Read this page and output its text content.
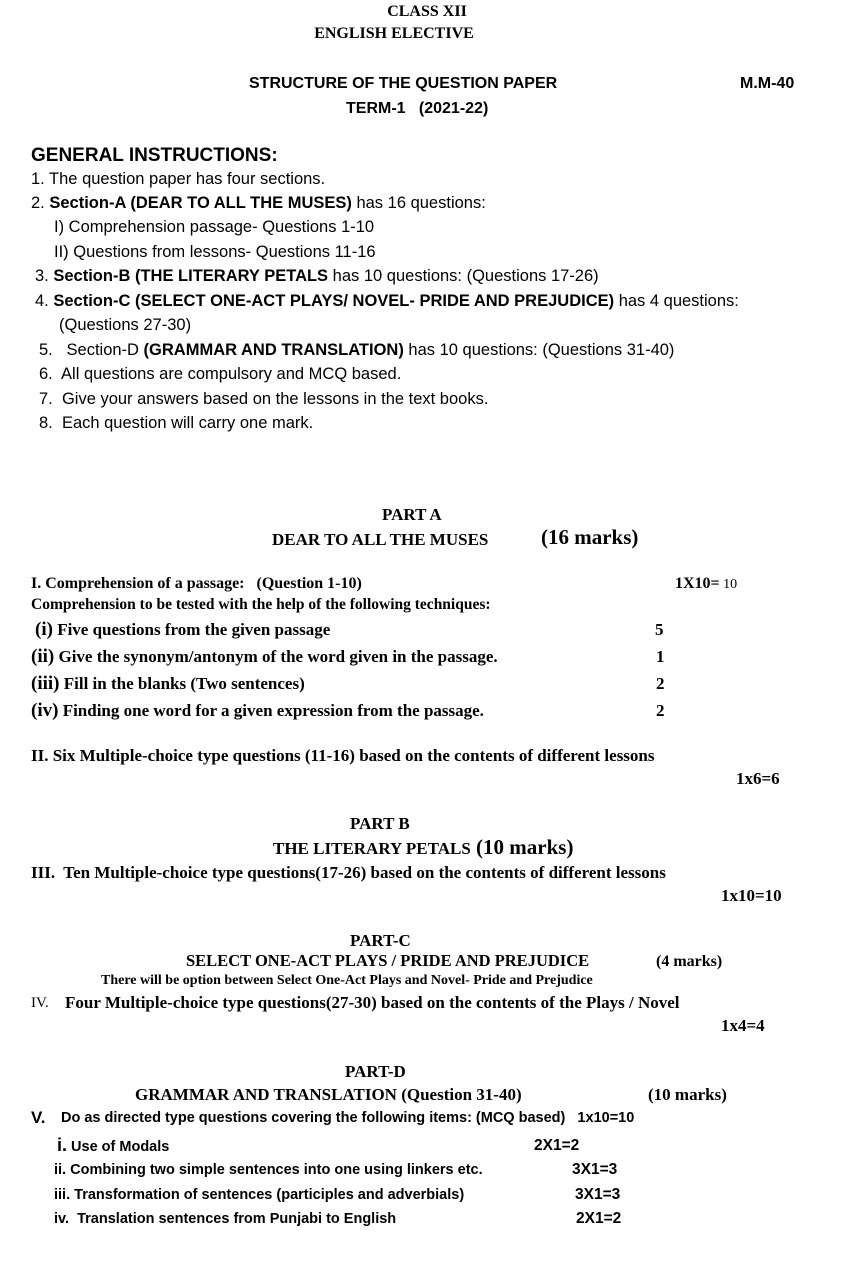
CLASS XII
ENGLISH ELECTIVE
STRUCTURE OF THE QUESTION PAPER	M.M-40
TERM-1   (2021-22)
GENERAL INSTRUCTIONS:
1. The question paper has four sections.
2. Section-A (DEAR TO ALL THE MUSES) has 16 questions:
I) Comprehension passage- Questions 1-10
II) Questions from lessons- Questions 11-16
3. Section-B (THE LITERARY PETALS has 10 questions: (Questions 17-26)
4. Section-C (SELECT ONE-ACT PLAYS/ NOVEL- PRIDE AND PREJUDICE) has 4 questions:
(Questions 27-30)
5.   Section-D (GRAMMAR AND TRANSLATION) has 10 questions: (Questions 31-40)
6.  All questions are compulsory and MCQ based.
7.  Give your answers based on the lessons in the text books.
8.  Each question will carry one mark.
PART A
DEAR TO ALL THE MUSES	(16 marks)
I. Comprehension of a passage:   (Question 1-10)	1X10= 10
Comprehension to be tested with the help of the following techniques:
(i) Five questions from the given passage	5
(ii) Give the synonym/antonym of the word given in the passage.	1
(iii) Fill in the blanks (Two sentences)	2
(iv) Finding one word for a given expression from the passage.	2
II. Six Multiple-choice type questions (11-16) based on the contents of different lessons
1x6=6
PART B
THE LITERARY PETALS (10 marks)
III.  Ten Multiple-choice type questions(17-26) based on the contents of different lessons
1x10=10
PART-C
SELECT ONE-ACT PLAYS / PRIDE AND PREJUDICE	(4 marks)
There will be option between Select One-Act Plays and Novel- Pride and Prejudice
IV. Four Multiple-choice type questions(27-30) based on the contents of the Plays / Novel
1x4=4
PART-D
GRAMMAR AND TRANSLATION (Question 31-40)	(10 marks)
V. Do as directed type questions covering the following items: (MCQ based)   1x10=10
i. Use of Modals	2X1=2
ii. Combining two simple sentences into one using linkers etc.	3X1=3
iii. Transformation of sentences (participles and adverbials)	3X1=3
iv.  Translation sentences from Punjabi to English	2X1=2
